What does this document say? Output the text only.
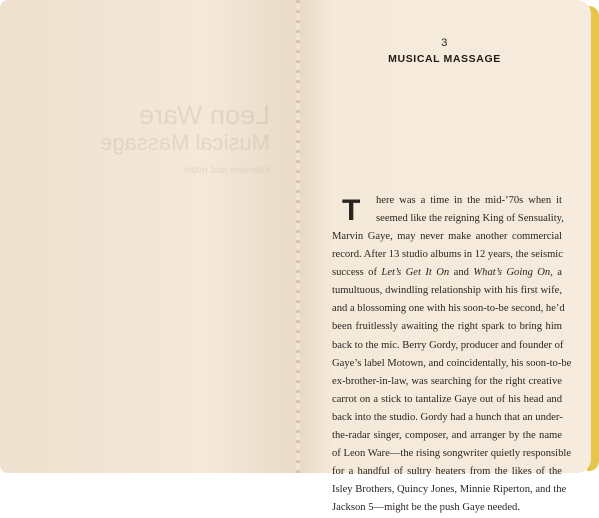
Leon Ware
Musical Massage
Interview and notes
3
MUSICAL MASSAGE
T here was a time in the mid-’70s when it
seemed like the reigning King of Sensuality,
Marvin Gaye, may never make another commercial
record. After 13 studio albums in 12 years, the seismic
success of Let’s Get It On and What’s Going On, a
tumultuous, dwindling relationship with his first wife,
and a blossoming one with his soon-to-be second, he’d
been fruitlessly awaiting the right spark to bring him
back to the mic. Berry Gordy, producer and founder of
Gaye’s label Motown, and coincidentally, his soon-to-be
ex-brother-in-law, was searching for the right creative
carrot on a stick to tantalize Gaye out of his head and
back into the studio. Gordy had a hunch that an under-
the-radar singer, composer, and arranger by the name
of Leon Ware—the rising songwriter quietly responsible
for a handful of sultry heaters from the likes of the
Isley Brothers, Quincy Jones, Minnie Riperton, and the
Jackson 5—might be the push Gaye needed.
